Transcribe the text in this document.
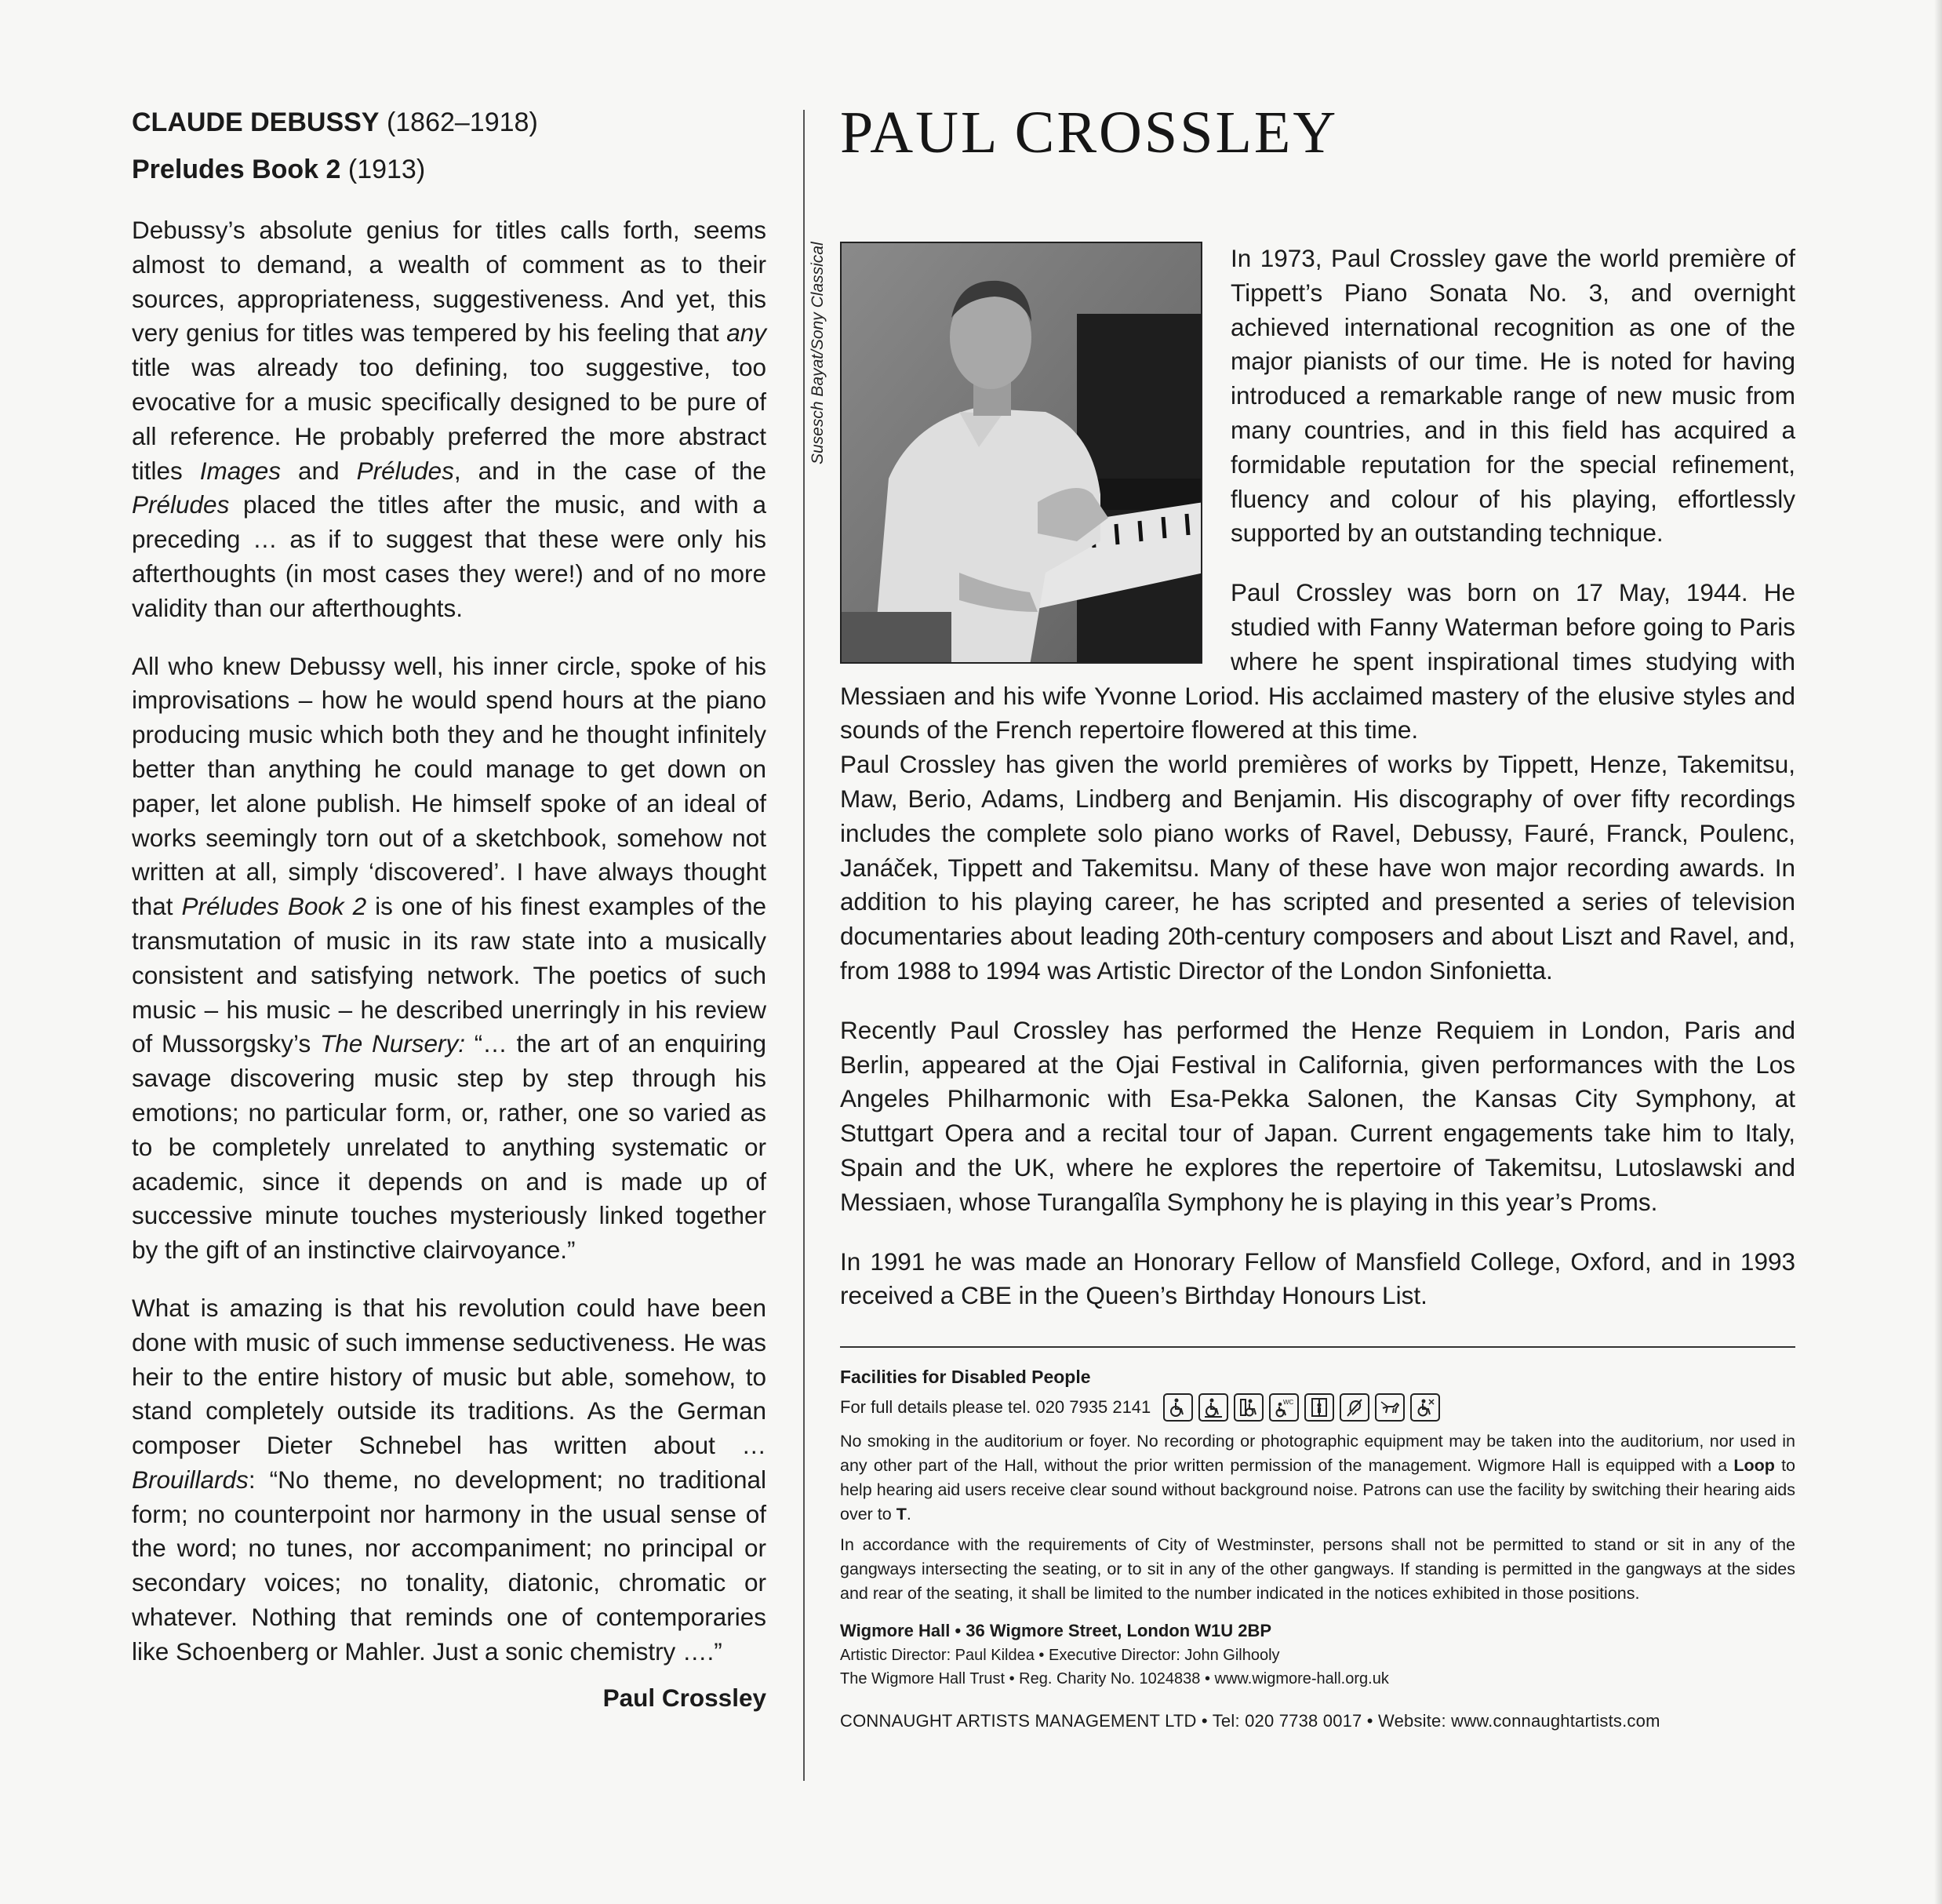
CLAUDE DEBUSSY (1862–1918)
Preludes Book 2 (1913)

Debussy’s absolute genius for titles calls forth, seems almost to demand, a wealth of comment as to their sources, appropriateness, suggestiveness. And yet, this very genius for titles was tempered by his feeling that any title was already too defining, too suggestive, too evocative for a music specifically designed to be pure of all reference. He probably preferred the more abstract titles Images and Préludes, and in the case of the Préludes placed the titles after the music, and with a preceding … as if to suggest that these were only his afterthoughts (in most cases they were!) and of no more validity than our afterthoughts.

All who knew Debussy well, his inner circle, spoke of his improvisations – how he would spend hours at the piano producing music which both they and he thought infinitely better than anything he could manage to get down on paper, let alone publish. He himself spoke of an ideal of works seemingly torn out of a sketchbook, somehow not written at all, simply ‘discovered’. I have always thought that Préludes Book 2 is one of his finest examples of the transmutation of music in its raw state into a musically consistent and satisfying network. The poetics of such music – his music – he described unerringly in his review of Mussorgsky’s The Nursery: “… the art of an enquiring savage discovering music step by step through his emotions; no particular form, or, rather, one so varied as to be completely unrelated to anything systematic or academic, since it depends on and is made up of successive minute touches mysteriously linked together by the gift of an instinctive clairvoyance.”

What is amazing is that his revolution could have been done with music of such immense seductiveness. He was heir to the entire history of music but able, somehow, to stand completely outside its traditions. As the German composer Dieter Schnebel has written about … Brouillards: “No theme, no development; no traditional form; no counterpoint nor harmony in the usual sense of the word; no tunes, nor accompaniment; no principal or secondary voices; no tonality, diatonic, chromatic or whatever. Nothing that reminds one of contemporaries like Schoenberg or Mahler. Just a sonic chemistry ….”

Paul Crossley
PAUL CROSSLEY
Susesch Bayat/Sony Classical	In 1973, Paul Crossley gave the world première of Tippett’s Piano Sonata No. 3, and overnight achieved international recognition as one of the major pianists of our time. He is noted for having introduced a remarkable range of new music from many countries, and in this field has acquired a formidable reputation for the special refinement, fluency and colour of his playing, effortlessly supported by an outstanding technique.

Paul Crossley was born on 17 May, 1944. He studied with Fanny Waterman before going to Paris where he spent inspirational times studying with Messiaen and his wife Yvonne Loriod. His acclaimed mastery of the elusive styles and sounds of the French repertoire flowered at this time.

Paul Crossley has given the world premières of works by Tippett, Henze, Takemitsu, Maw, Berio, Adams, Lindberg and Benjamin. His discography of over fifty recordings includes the complete solo piano works of Ravel, Debussy, Fauré, Franck, Poulenc, Janáček, Tippett and Takemitsu. Many of these have won major recording awards. In addition to his playing career, he has scripted and presented a series of television documentaries about leading 20th-century composers and about Liszt and Ravel, and, from 1988 to 1994 was Artistic Director of the London Sinfonietta.

Recently Paul Crossley has performed the Henze Requiem in London, Paris and Berlin, appeared at the Ojai Festival in California, given performances with the Los Angeles Philharmonic with Esa-Pekka Salonen, the Kansas City Symphony, at Stuttgart Opera and a recital tour of Japan. Current engagements take him to Italy, Spain and the UK, where he explores the repertoire of Takemitsu, Lutoslawski and Messiaen, whose Turangalîla Symphony he is playing in this year’s Proms.

In 1991 he was made an Honorary Fellow of Mansfield College, Oxford, and in 1993 received a CBE in the Queen’s Birthday Honours List.

Facilities for Disabled People
For full details please tel. 020 7935 2141	WC

No smoking in the auditorium or foyer. No recording or photographic equipment may be taken into the auditorium, nor used in any other part of the Hall, without the prior written permission of the management. Wigmore Hall is equipped with a Loop to help hearing aid users receive clear sound without background noise. Patrons can use the facility by switching their hearing aids over to T.

In accordance with the requirements of City of Westminster, persons shall not be permitted to stand or sit in any of the gangways intersecting the seating, or to sit in any of the other gangways. If standing is permitted in the gangways at the sides and rear of the seating, it shall be limited to the number indicated in the notices exhibited in those positions.

Wigmore Hall • 36 Wigmore Street, London W1U 2BP
Artistic Director: Paul Kildea • Executive Director: John Gilhooly
The Wigmore Hall Trust • Reg. Charity No. 1024838 • www.wigmore-hall.org.uk
CONNAUGHT ARTISTS MANAGEMENT LTD • Tel: 020 7738 0017 • Website: www.connaughtartists.com
